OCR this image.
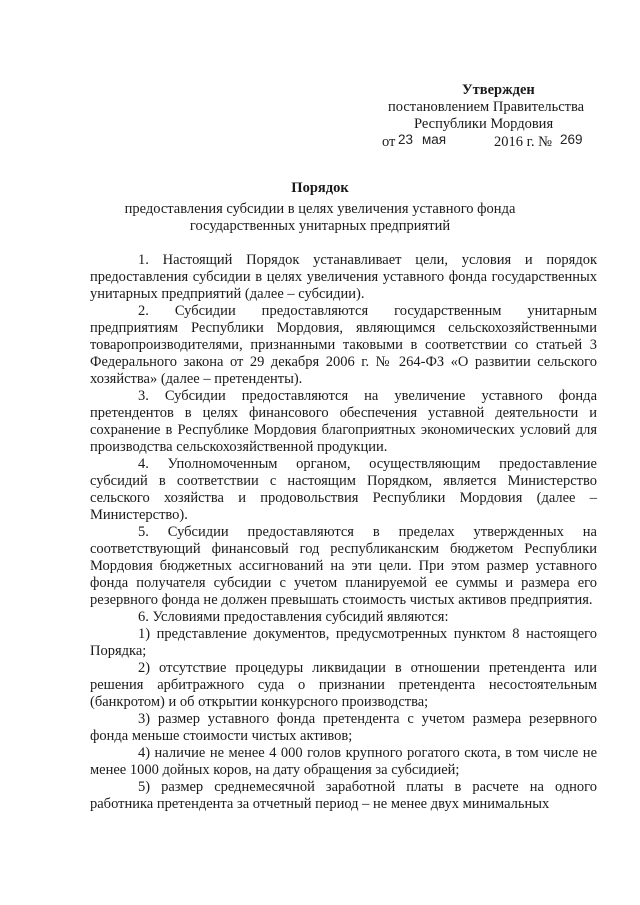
Утвержден
постановлением Правительства
Республики Мордовия
от 23 мая	2016 г. № 269
Порядок
предоставления субсидии в целях увеличения уставного фонда
государственных унитарных предприятий

1. Настоящий Порядок устанавливает цели, условия и порядок предоставления субсидии в целях увеличения уставного фонда государственных унитарных предприятий (далее – субсидии).

2. Субсидии предоставляются государственным унитарным предприятиям Республики Мордовия, являющимся сельскохозяйственными товаропроизводителями, признанными таковыми в соответствии со статьей 3 Федерального закона от 29 декабря 2006 г. № 264-ФЗ «О развитии сельского хозяйства» (далее – претенденты).

3. Субсидии предоставляются на увеличение уставного фонда претендентов в целях финансового обеспечения уставной деятельности и сохранение в Республике Мордовия благоприятных экономических условий для производства сельскохозяйственной продукции.

4. Уполномоченным органом, осуществляющим предоставление субсидий в соответствии с настоящим Порядком, является Министерство сельского хозяйства и продовольствия Республики Мордовия (далее – Министерство).

5. Субсидии предоставляются в пределах утвержденных на соответствующий финансовый год республиканским бюджетом Республики Мордовия бюджетных ассигнований на эти цели. При этом размер уставного фонда получателя субсидии с учетом планируемой ее суммы и размера его резервного фонда не должен превышать стоимость чистых активов предприятия.

6. Условиями предоставления субсидий являются:

1) представление документов, предусмотренных пунктом 8 настоящего Порядка;

2) отсутствие процедуры ликвидации в отношении претендента или решения арбитражного суда о признании претендента несостоятельным (банкротом) и об открытии конкурсного производства;

3) размер уставного фонда претендента с учетом размера резервного фонда меньше стоимости чистых активов;

4) наличие не менее 4 000 голов крупного рогатого скота, в том числе не менее 1000 дойных коров, на дату обращения за субсидией;

5) размер среднемесячной заработной платы в расчете на одного работника претендента за отчетный период – не менее двух минимальных
